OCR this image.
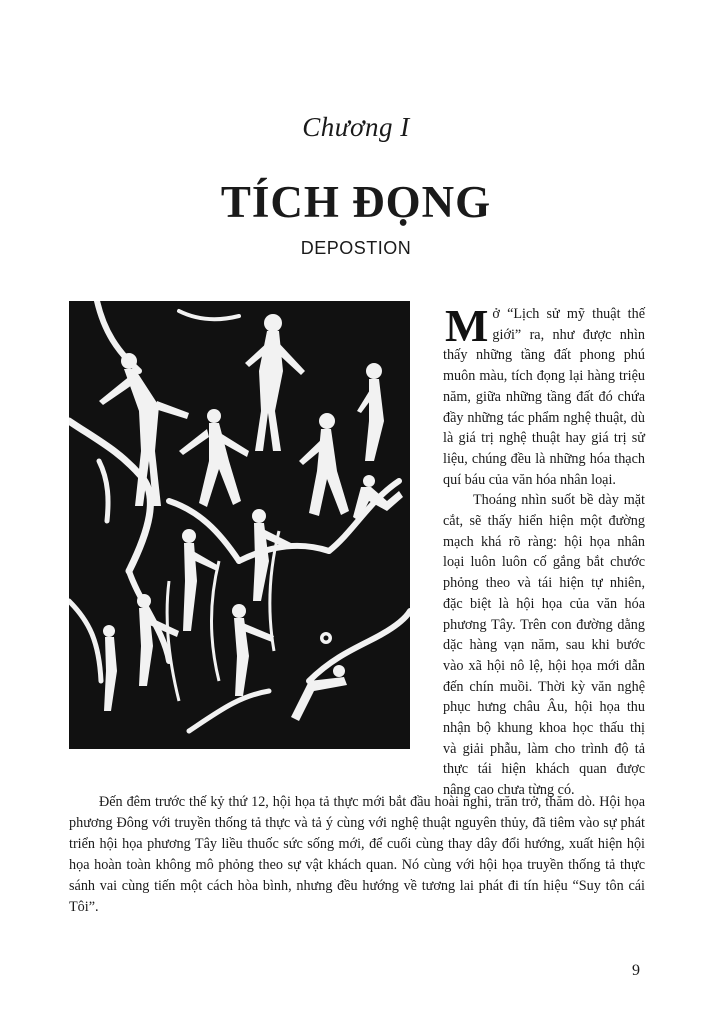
Chương I
TÍCH ĐỌNG
DEPOSTION

Mở “Lịch sử mỹ thuật thế giới” ra, như được nhìn thấy những tầng đất phong phú muôn màu, tích đọng lại hàng triệu năm, giữa những tầng đất đó chứa đầy những tác phẩm nghệ thuật, dù là giá trị nghệ thuật hay giá trị sử liệu, chúng đều là những hóa thạch quí báu của văn hóa nhân loại.

Thoáng nhìn suốt bề dày mặt cắt, sẽ thấy hiển hiện một đường mạch khá rõ ràng: hội họa nhân loại luôn luôn cố gắng bắt chước phỏng theo và tái hiện tự nhiên, đặc biệt là hội họa của văn hóa phương Tây. Trên con đường dằng dặc hàng vạn năm, sau khi bước vào xã hội nô lệ, hội họa mới dẫn đến chín muồi. Thời kỳ văn nghệ phục hưng châu Âu, hội họa thu nhận bộ khung khoa học thấu thị và giải phẫu, làm cho trình độ tả thực tái hiện khách quan được nâng cao chưa từng có.

Đến đêm trước thế kỷ thứ 12, hội họa tả thực mới bắt đầu hoài nghi, trăn trở, thăm dò. Hội họa phương Đông với truyền thống tả thực và tả ý cùng với nghệ thuật nguyên thủy, đã tiêm vào sự phát triển hội họa phương Tây liều thuốc sức sống mới, để cuối cùng thay dây đổi hướng, xuất hiện hội họa hoàn toàn không mô phỏng theo sự vật khách quan. Nó cùng với hội họa truyền thống tả thực sánh vai cùng tiến một cách hòa bình, nhưng đều hướng về tương lai phát đi tín hiệu “Suy tôn cái Tôi”.

9
